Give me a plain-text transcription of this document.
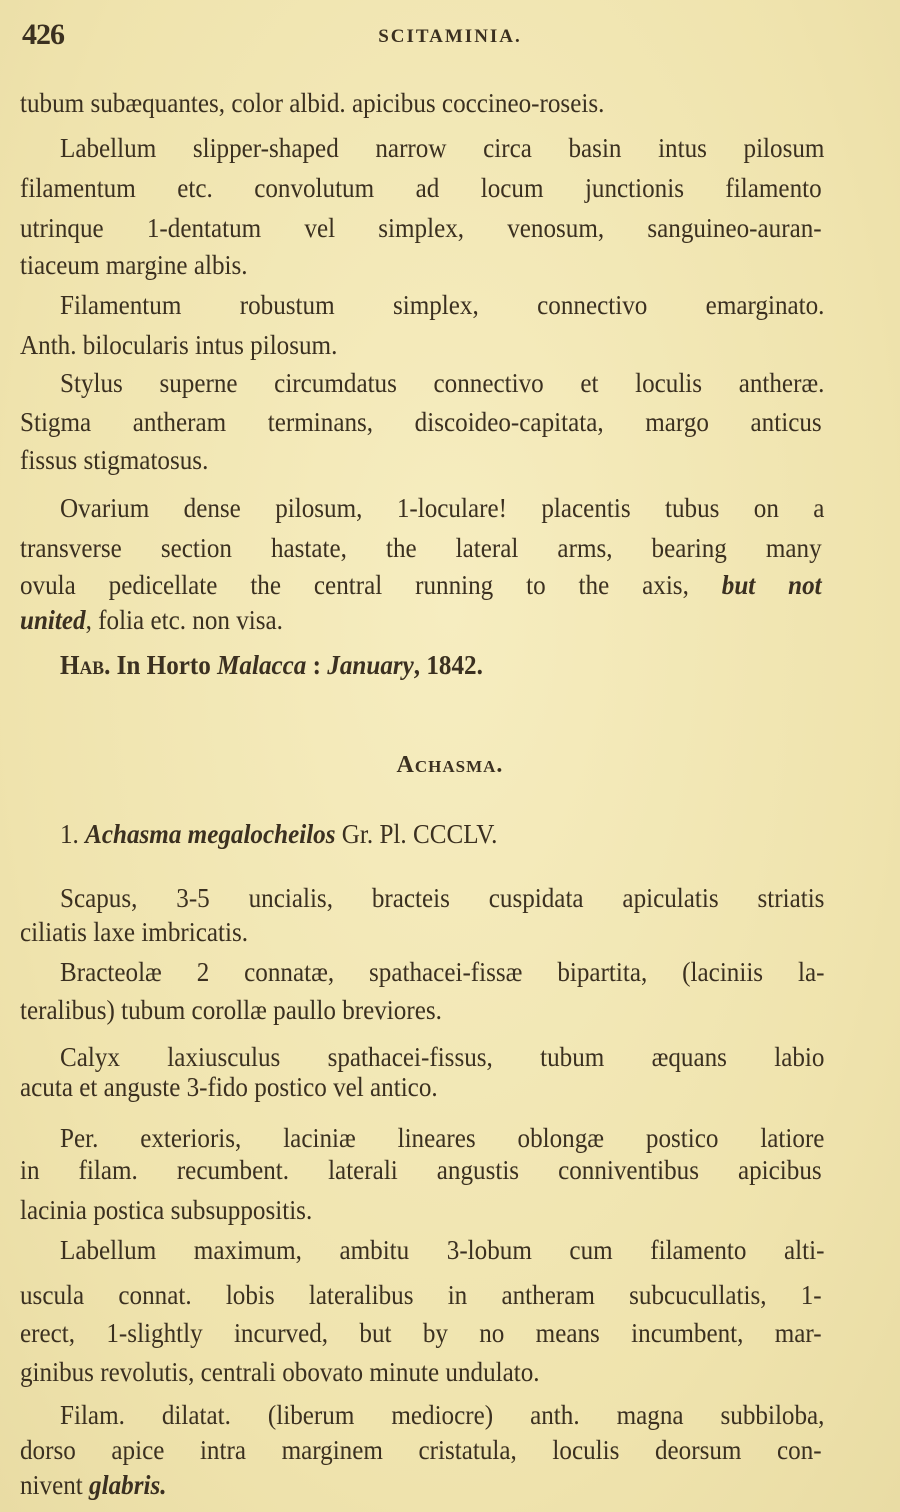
426	SCITAMINIA.
Achasma.
tubum subæquantes, color albid. apicibus coccineo-roseis.
Labellum slipper-shaped narrow circa basin intus pilosum
filamentum etc. convolutum ad locum junctionis filamento
utrinque 1-dentatum vel simplex, venosum, sanguineo-auran-
tiaceum margine albis.
Filamentum robustum simplex, connectivo emarginato.
Anth. bilocularis intus pilosum.
Stylus superne circumdatus connectivo et loculis antheræ.
Stigma antheram terminans, discoideo-capitata, margo anticus
fissus stigmatosus.
Ovarium dense pilosum, 1-loculare! placentis tubus on a
transverse section hastate, the lateral arms, bearing many
ovula pedicellate the central running to the axis, but not
united, folia etc. non visa.
Hab. In Horto Malacca : January, 1842.
1. Achasma megalocheilos Gr. Pl. CCCLV.
Scapus, 3-5 uncialis, bracteis cuspidata apiculatis striatis
ciliatis laxe imbricatis.
Bracteolæ 2 connatæ, spathacei-fissæ bipartita, (laciniis la-
teralibus) tubum corollæ paullo breviores.
Calyx laxiusculus spathacei-fissus, tubum æquans labio
acuta et anguste 3-fido postico vel antico.
Per. exterioris, laciniæ lineares oblongæ postico latiore
in filam. recumbent. laterali angustis conniventibus apicibus
lacinia postica subsuppositis.
Labellum maximum, ambitu 3-lobum cum filamento alti-
uscula connat. lobis lateralibus in antheram subcucullatis, 1-
erect, 1-slightly incurved, but by no means incumbent, mar-
ginibus revolutis, centrali obovato minute undulato.
Filam. dilatat. (liberum mediocre) anth. magna subbiloba,
dorso apice intra marginem cristatula, loculis deorsum con-
nivent glabris.
